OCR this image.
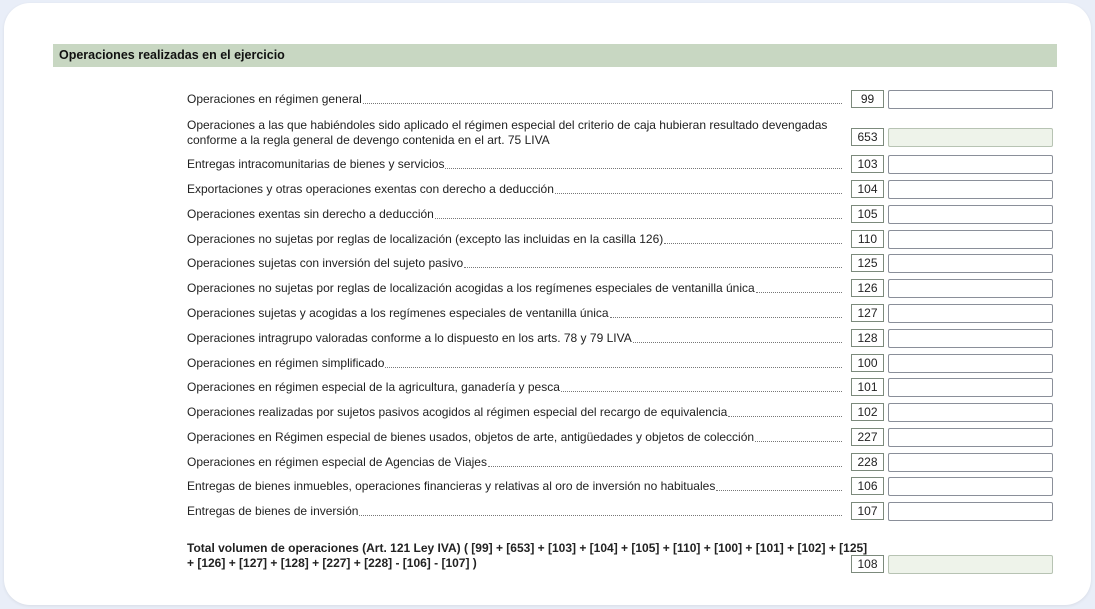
Operaciones realizadas en el ejercicio
Operaciones en régimen general	99
Operaciones a las que habiéndoles sido aplicado el régimen especial del criterio de caja hubieran resultado devengadas
conforme a la regla general de devengo contenida en el art. 75 LIVA	653
Entregas intracomunitarias de bienes y servicios	103
Exportaciones y otras operaciones exentas con derecho a deducción	104
Operaciones exentas sin derecho a deducción	105
Operaciones no sujetas por reglas de localización (excepto las incluidas en la casilla 126)	110
Operaciones sujetas con inversión del sujeto pasivo	125
Operaciones no sujetas por reglas de localización acogidas a los regímenes especiales de ventanilla única	126
Operaciones sujetas y acogidas a los regímenes especiales de ventanilla única	127
Operaciones intragrupo valoradas conforme a lo dispuesto en los arts. 78 y 79 LIVA	128
Operaciones en régimen simplificado	100
Operaciones en régimen especial de la agricultura, ganadería y pesca	101
Operaciones realizadas por sujetos pasivos acogidos al régimen especial del recargo de equivalencia	102
Operaciones en Régimen especial de bienes usados, objetos de arte, antigüedades y objetos de colección	227
Operaciones en régimen especial de Agencias de Viajes	228
Entregas de bienes inmuebles, operaciones financieras y relativas al oro de inversión no habituales	106
Entregas de bienes de inversión	107
Total volumen de operaciones (Art. 121 Ley IVA) ( [99] + [653] + [103] + [104] + [105] + [110] + [100] + [101] + [102] + [125]
+ [126] + [127] + [128] + [227] + [228] - [106] - [107] )	108
